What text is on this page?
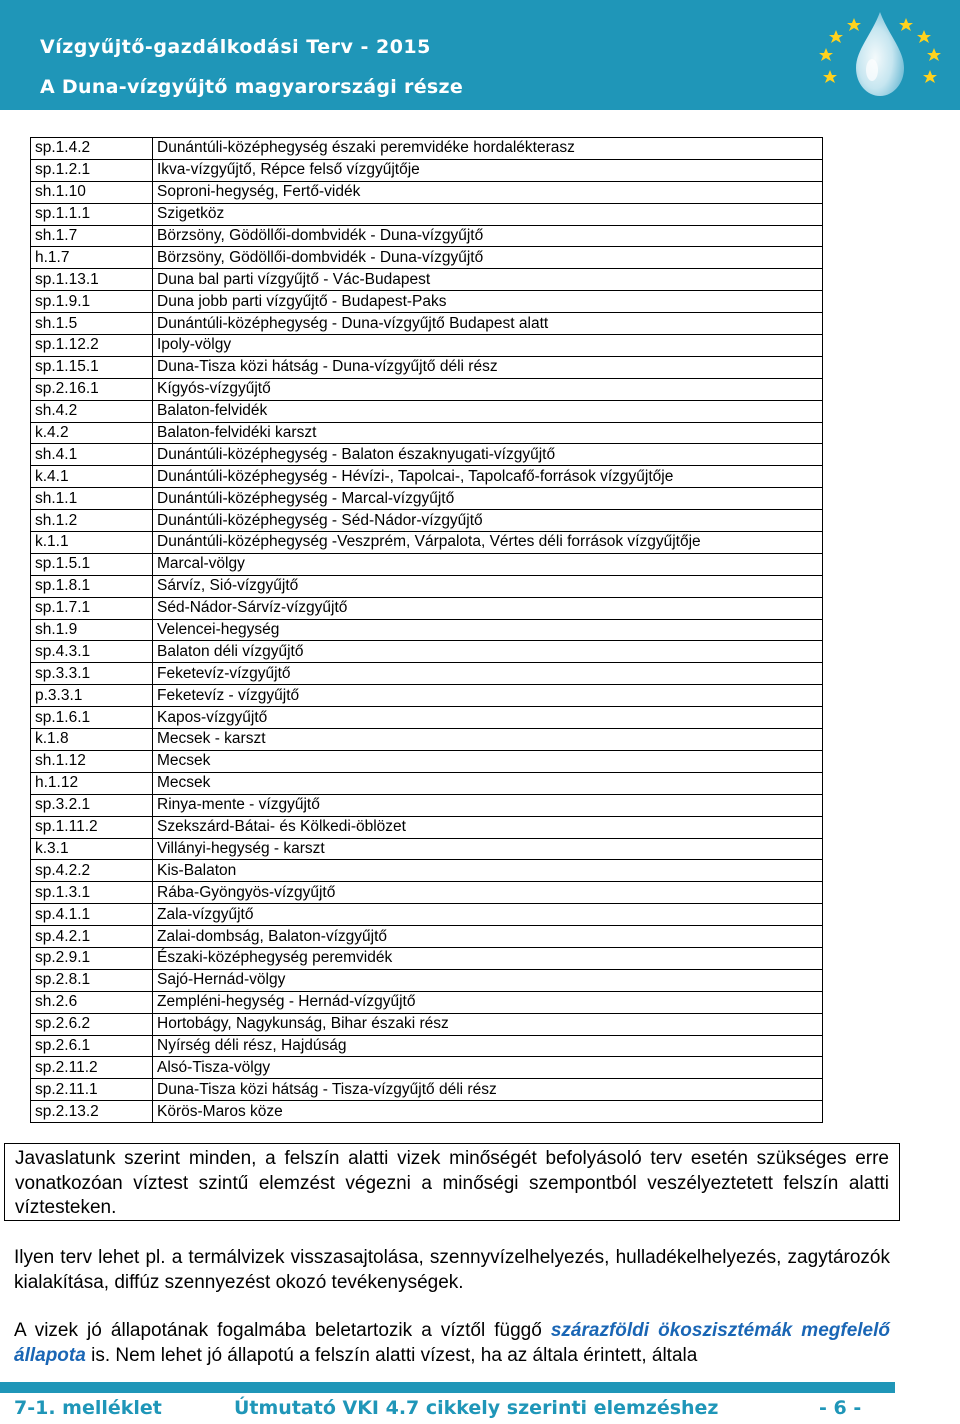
Vízgyűjtő-gazdálkodási Terv - 2015
A Duna-vízgyűjtő magyarországi része
sp.1.4.2	Dunántúli-középhegység északi peremvidéke hordalékterasz
sp.1.2.1	Ikva-vízgyűjtő, Répce felső vízgyűjtője
sh.1.10	Soproni-hegység, Fertő-vidék
sp.1.1.1	Szigetköz
sh.1.7	Börzsöny, Gödöllői-dombvidék - Duna-vízgyűjtő
h.1.7	Börzsöny, Gödöllői-dombvidék - Duna-vízgyűjtő
sp.1.13.1	Duna bal parti vízgyűjtő - Vác-Budapest
sp.1.9.1	Duna jobb parti vízgyűjtő - Budapest-Paks
sh.1.5	Dunántúli-középhegység - Duna-vízgyűjtő Budapest alatt
sp.1.12.2	Ipoly-völgy
sp.1.15.1	Duna-Tisza közi hátság - Duna-vízgyűjtő déli rész
sp.2.16.1	Kígyós-vízgyűjtő
sh.4.2	Balaton-felvidék
k.4.2	Balaton-felvidéki karszt
sh.4.1	Dunántúli-középhegység - Balaton északnyugati-vízgyűjtő
k.4.1	Dunántúli-középhegység - Hévízi-, Tapolcai-, Tapolcafő-források vízgyűjtője
sh.1.1	Dunántúli-középhegység - Marcal-vízgyűjtő
sh.1.2	Dunántúli-középhegység - Séd-Nádor-vízgyűjtő
k.1.1	Dunántúli-középhegység -Veszprém, Várpalota, Vértes déli források vízgyűjtője
sp.1.5.1	Marcal-völgy
sp.1.8.1	Sárvíz, Sió-vízgyűjtő
sp.1.7.1	Séd-Nádor-Sárvíz-vízgyűjtő
sh.1.9	Velencei-hegység
sp.4.3.1	Balaton déli vízgyűjtő
sp.3.3.1	Feketevíz-vízgyűjtő
p.3.3.1	Feketevíz - vízgyűjtő
sp.1.6.1	Kapos-vízgyűjtő
k.1.8	Mecsek - karszt
sh.1.12	Mecsek
h.1.12	Mecsek
sp.3.2.1	Rinya-mente - vízgyűjtő
sp.1.11.2	Szekszárd-Bátai- és Kölkedi-öblözet
k.3.1	Villányi-hegység - karszt
sp.4.2.2	Kis-Balaton
sp.1.3.1	Rába-Gyöngyös-vízgyűjtő
sp.4.1.1	Zala-vízgyűjtő
sp.4.2.1	Zalai-dombság, Balaton-vízgyűjtő
sp.2.9.1	Északi-középhegység peremvidék
sp.2.8.1	Sajó-Hernád-völgy
sh.2.6	Zempléni-hegység - Hernád-vízgyűjtő
sp.2.6.2	Hortobágy, Nagykunság, Bihar északi rész
sp.2.6.1	Nyírség déli rész, Hajdúság
sp.2.11.2	Alsó-Tisza-völgy
sp.2.11.1	Duna-Tisza közi hátság - Tisza-vízgyűjtő déli rész
sp.2.13.2	Körös-Maros köze
Javaslatunk szerint minden, a felszín alatti vizek minőségét befolyásoló terv esetén szükséges erre vonatkozóan víztest szintű elemzést végezni a minőségi szempontból veszélyeztetett felszín alatti víztesteken.
Ilyen terv lehet pl. a termálvizek visszasajtolása, szennyvízelhelyezés, hulladékelhelyezés, zagytározók kialakítása, diffúz szennyezést okozó tevékenységek.
A vizek jó állapotának fogalmába beletartozik a víztől függő szárazföldi ökoszisztémák megfelelő állapota is. Nem lehet jó állapotú a felszín alatti vízest, ha az általa érintett, általa
7-1. melléklet	Útmutató VKI 4.7 cikkely szerinti elemzéshez	- 6 -
